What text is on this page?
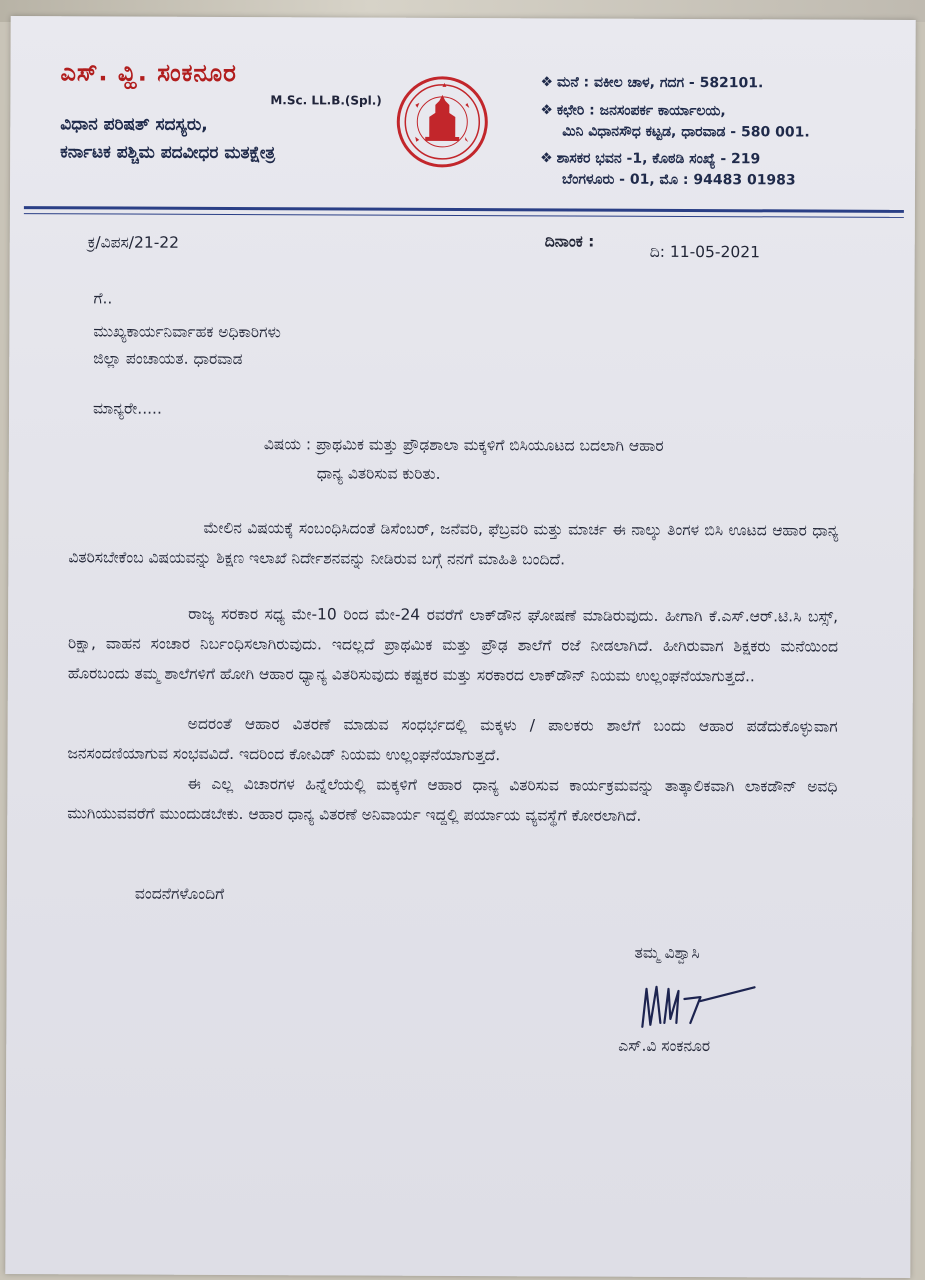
ಎಸ್. ವ್ಹಿ. ಸಂಕನೂರ
M.Sc. LL.B.(Spl.)
ವಿಧಾನ ಪರಿಷತ್ ಸದಸ್ಯರು,
ಕರ್ನಾಟಕ ಪಶ್ಚಿಮ ಪದವೀಧರ ಮತಕ್ಷೇತ್ರ
❖ ಮನೆ : ವಕೀಲ ಚಾಳ, ಗದಗ - 582101.
❖ ಕಛೇರಿ : ಜನಸಂಪರ್ಕ ಕಾರ್ಯಾಲಯ,
ಮಿನಿ ವಿಧಾನಸೌಧ ಕಟ್ಟಡ, ಧಾರವಾಡ - 580 001.
❖ ಶಾಸಕರ ಭವನ -1, ಕೊಠಡಿ ಸಂಖ್ಯೆ - 219
ಬೆಂಗಳೂರು - 01, ಮೊ : 94483 01983
ಕ್ರ/ವಿಪಸ/21-22	ದಿನಾಂಕ :
ದಿ: 11-05-2021
ಗೆ..
ಮುಖ್ಯಕಾರ್ಯನಿರ್ವಾಹಕ ಅಧಿಕಾರಿಗಳು
ಜಿಲ್ಲಾ ಪಂಚಾಯತ. ಧಾರವಾಡ
ಮಾನ್ಯರೇ.....
ವಿಷಯ : ಪ್ರಾಥಮಿಕ ಮತ್ತು ಪ್ರೌಢಶಾಲಾ ಮಕ್ಕಳಿಗೆ ಬಿಸಿಯೂಟದ ಬದಲಾಗಿ ಆಹಾರ
ಧಾನ್ಯ ವಿತರಿಸುವ ಕುರಿತು.
ಮೇಲಿನ ವಿಷಯಕ್ಕೆ ಸಂಬಂಧಿಸಿದಂತೆ ಡಿಸೆಂಬರ್, ಜನೆವರಿ, ಫೆಬ್ರವರಿ ಮತ್ತು ಮಾರ್ಚ ಈ ನಾಲ್ಕು ತಿಂಗಳ ಬಿಸಿ ಊಟದ ಆಹಾರ ಧಾನ್ಯ ವಿತರಿಸಬೇಕೆಂಬ ವಿಷಯವನ್ನು ಶಿಕ್ಷಣ ಇಲಾಖೆ ನಿರ್ದೇಶನವನ್ನು ನೀಡಿರುವ ಬಗ್ಗೆ ನನಗೆ ಮಾಹಿತಿ ಬಂದಿದೆ.
ರಾಜ್ಯ ಸರಕಾರ ಸಧ್ಯ ಮೇ-10 ರಿಂದ ಮೇ-24 ರವರೆಗೆ ಲಾಕ್‌ಡೌನ ಘೋಷಣೆ ಮಾಡಿರುವುದು. ಹೀಗಾಗಿ ಕೆ.ಎಸ್.ಆರ್.ಟಿ.ಸಿ ಬಸ್ಸ್, ರಿಕ್ಷಾ, ವಾಹನ ಸಂಚಾರ ನಿರ್ಬಂಧಿಸಲಾಗಿರುವುದು. ಇದಲ್ಲದೆ ಪ್ರಾಥಮಿಕ ಮತ್ತು ಪ್ರೌಢ ಶಾಲೆಗೆ ರಜೆ ನೀಡಲಾಗಿದೆ. ಹೀಗಿರುವಾಗ ಶಿಕ್ಷಕರು ಮನೆಯಿಂದ ಹೊರಬಂದು ತಮ್ಮ ಶಾಲೆಗಳಿಗೆ ಹೋಗಿ ಆಹಾರ ಧ್ಯಾನ್ಯ ವಿತರಿಸುವುದು ಕಷ್ಟಕರ ಮತ್ತು ಸರಕಾರದ ಲಾಕ್‌ಡೌನ್ ನಿಯಮ ಉಲ್ಲಂಘನೆಯಾಗುತ್ತದೆ..
ಅದರಂತೆ ಆಹಾರ ವಿತರಣೆ ಮಾಡುವ ಸಂಧರ್ಭದಲ್ಲಿ ಮಕ್ಕಳು / ಪಾಲಕರು ಶಾಲೆಗೆ ಬಂದು ಆಹಾರ ಪಡೆದುಕೊಳ್ಳುವಾಗ ಜನಸಂದಣಿಯಾಗುವ ಸಂಭವವಿದೆ. ಇದರಿಂದ ಕೋವಿಡ್ ನಿಯಮ ಉಲ್ಲಂಘನೆಯಾಗುತ್ತದೆ.
ಈ ಎಲ್ಲ ವಿಚಾರಗಳ ಹಿನ್ನೆಲೆಯಲ್ಲಿ ಮಕ್ಕಳಿಗೆ ಆಹಾರ ಧಾನ್ಯ ವಿತರಿಸುವ ಕಾರ್ಯಕ್ರಮವನ್ನು ತಾತ್ಕಾಲಿಕವಾಗಿ ಲಾಕಡೌನ್ ಅವಧಿ ಮುಗಿಯುವವರೆಗೆ ಮುಂದುಡಬೇಕು. ಆಹಾರ ಧಾನ್ಯ ವಿತರಣೆ ಅನಿವಾರ್ಯ ಇದ್ದಲ್ಲಿ ಪರ್ಯಾಯ ವ್ಯವಸ್ಥೆಗೆ ಕೋರಲಾಗಿದೆ.
ವಂದನೆಗಳೊಂದಿಗೆ
ತಮ್ಮ ವಿಶ್ವಾಸಿ
ಎಸ್.ವಿ ಸಂಕನೂರ
